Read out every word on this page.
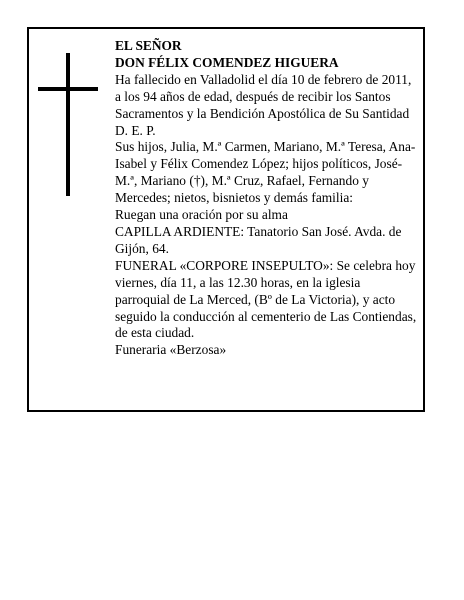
EL SEÑOR
DON FÉLIX COMENDEZ HIGUERA
Ha fallecido en Valladolid el día 10 de febrero de 2011,
a los 94 años de edad, después de recibir los Santos
Sacramentos y la Bendición Apostólica de Su Santidad
D. E. P.
Sus hijos, Julia, M.ª Carmen, Mariano, M.ª Teresa, Ana-
Isabel y Félix Comendez López; hijos políticos, José-
M.ª, Mariano (†), M.ª Cruz, Rafael, Fernando y
Mercedes; nietos, bisnietos y demás familia:
Ruegan una oración por su alma
CAPILLA ARDIENTE: Tanatorio San José. Avda. de
Gijón, 64.
FUNERAL «CORPORE INSEPULTO»: Se celebra hoy
viernes, día 11, a las 12.30 horas, en la iglesia
parroquial de La Merced, (Bº de La Victoria), y acto
seguido la conducción al cementerio de Las Contiendas,
de esta ciudad.
Funeraria «Berzosa»
